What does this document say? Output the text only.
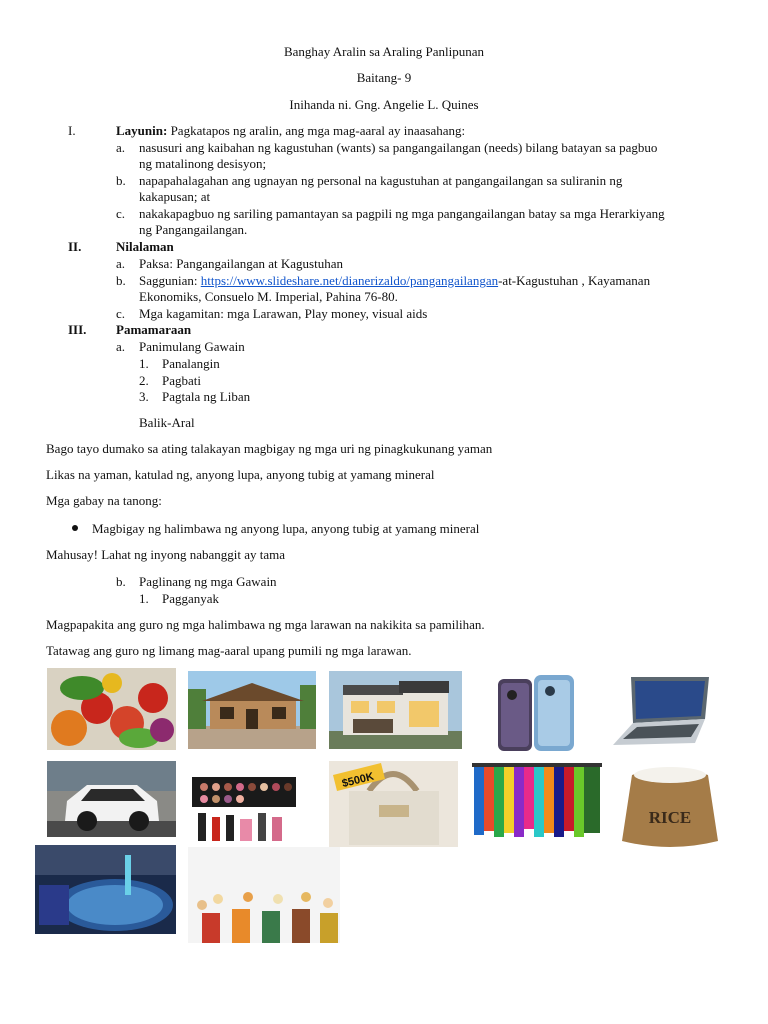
Banghay Aralin sa Araling Panlipunan
Baitang- 9
Inihanda ni. Gng. Angelie L. Quines
I.	Layunin: Pagkatapos ng aralin, ang mga mag-aaral ay inaasahang:
a.	nasusuri ang kaibahan ng kagustuhan (wants) sa pangangailangan (needs) bilang batayan sa pagbuo
ng matalinong desisyon;
b.	napapahalagahan ang ugnayan ng personal na kagustuhan at pangangailangan sa suliranin ng
kakapusan; at
c.	nakakapagbuo ng sariling pamantayan sa pagpili ng mga pangangailangan batay sa mga Herarkiyang
ng Pangangailangan.
II.	Nilalaman
a.	Paksa: Pangangailangan at Kagustuhan
b.	Saggunian: https://www.slideshare.net/dianerizaldo/pangangailangan-at-Kagustuhan , Kayamanan
Ekonomiks, Consuelo M. Imperial, Pahina 76-80.
c.	Mga kagamitan: mga Larawan, Play money, visual aids
III.	Pamamaraan
a.	Panimulang Gawain
1.	Panalangin
2.	Pagbati
3.	Pagtala ng Liban
Balik-Aral
Bago tayo dumako sa ating talakayan magbigay ng mga uri ng pinagkukunang yaman
Likas na yaman, katulad ng, anyong lupa, anyong tubig at yamang mineral
Mga gabay na tanong:
Magbigay ng halimbawa ng anyong lupa, anyong tubig at yamang mineral
Mahusay! Lahat ng inyong nabanggit ay tama
b.	Paglinang ng mga Gawain
1.	Pagganyak
Magpapakita ang guro ng mga halimbawa ng mga larawan na nakikita sa pamilihan.
Tatawag ang guro ng limang mag-aaral upang pumili ng mga larawan.
$500K
RICE
